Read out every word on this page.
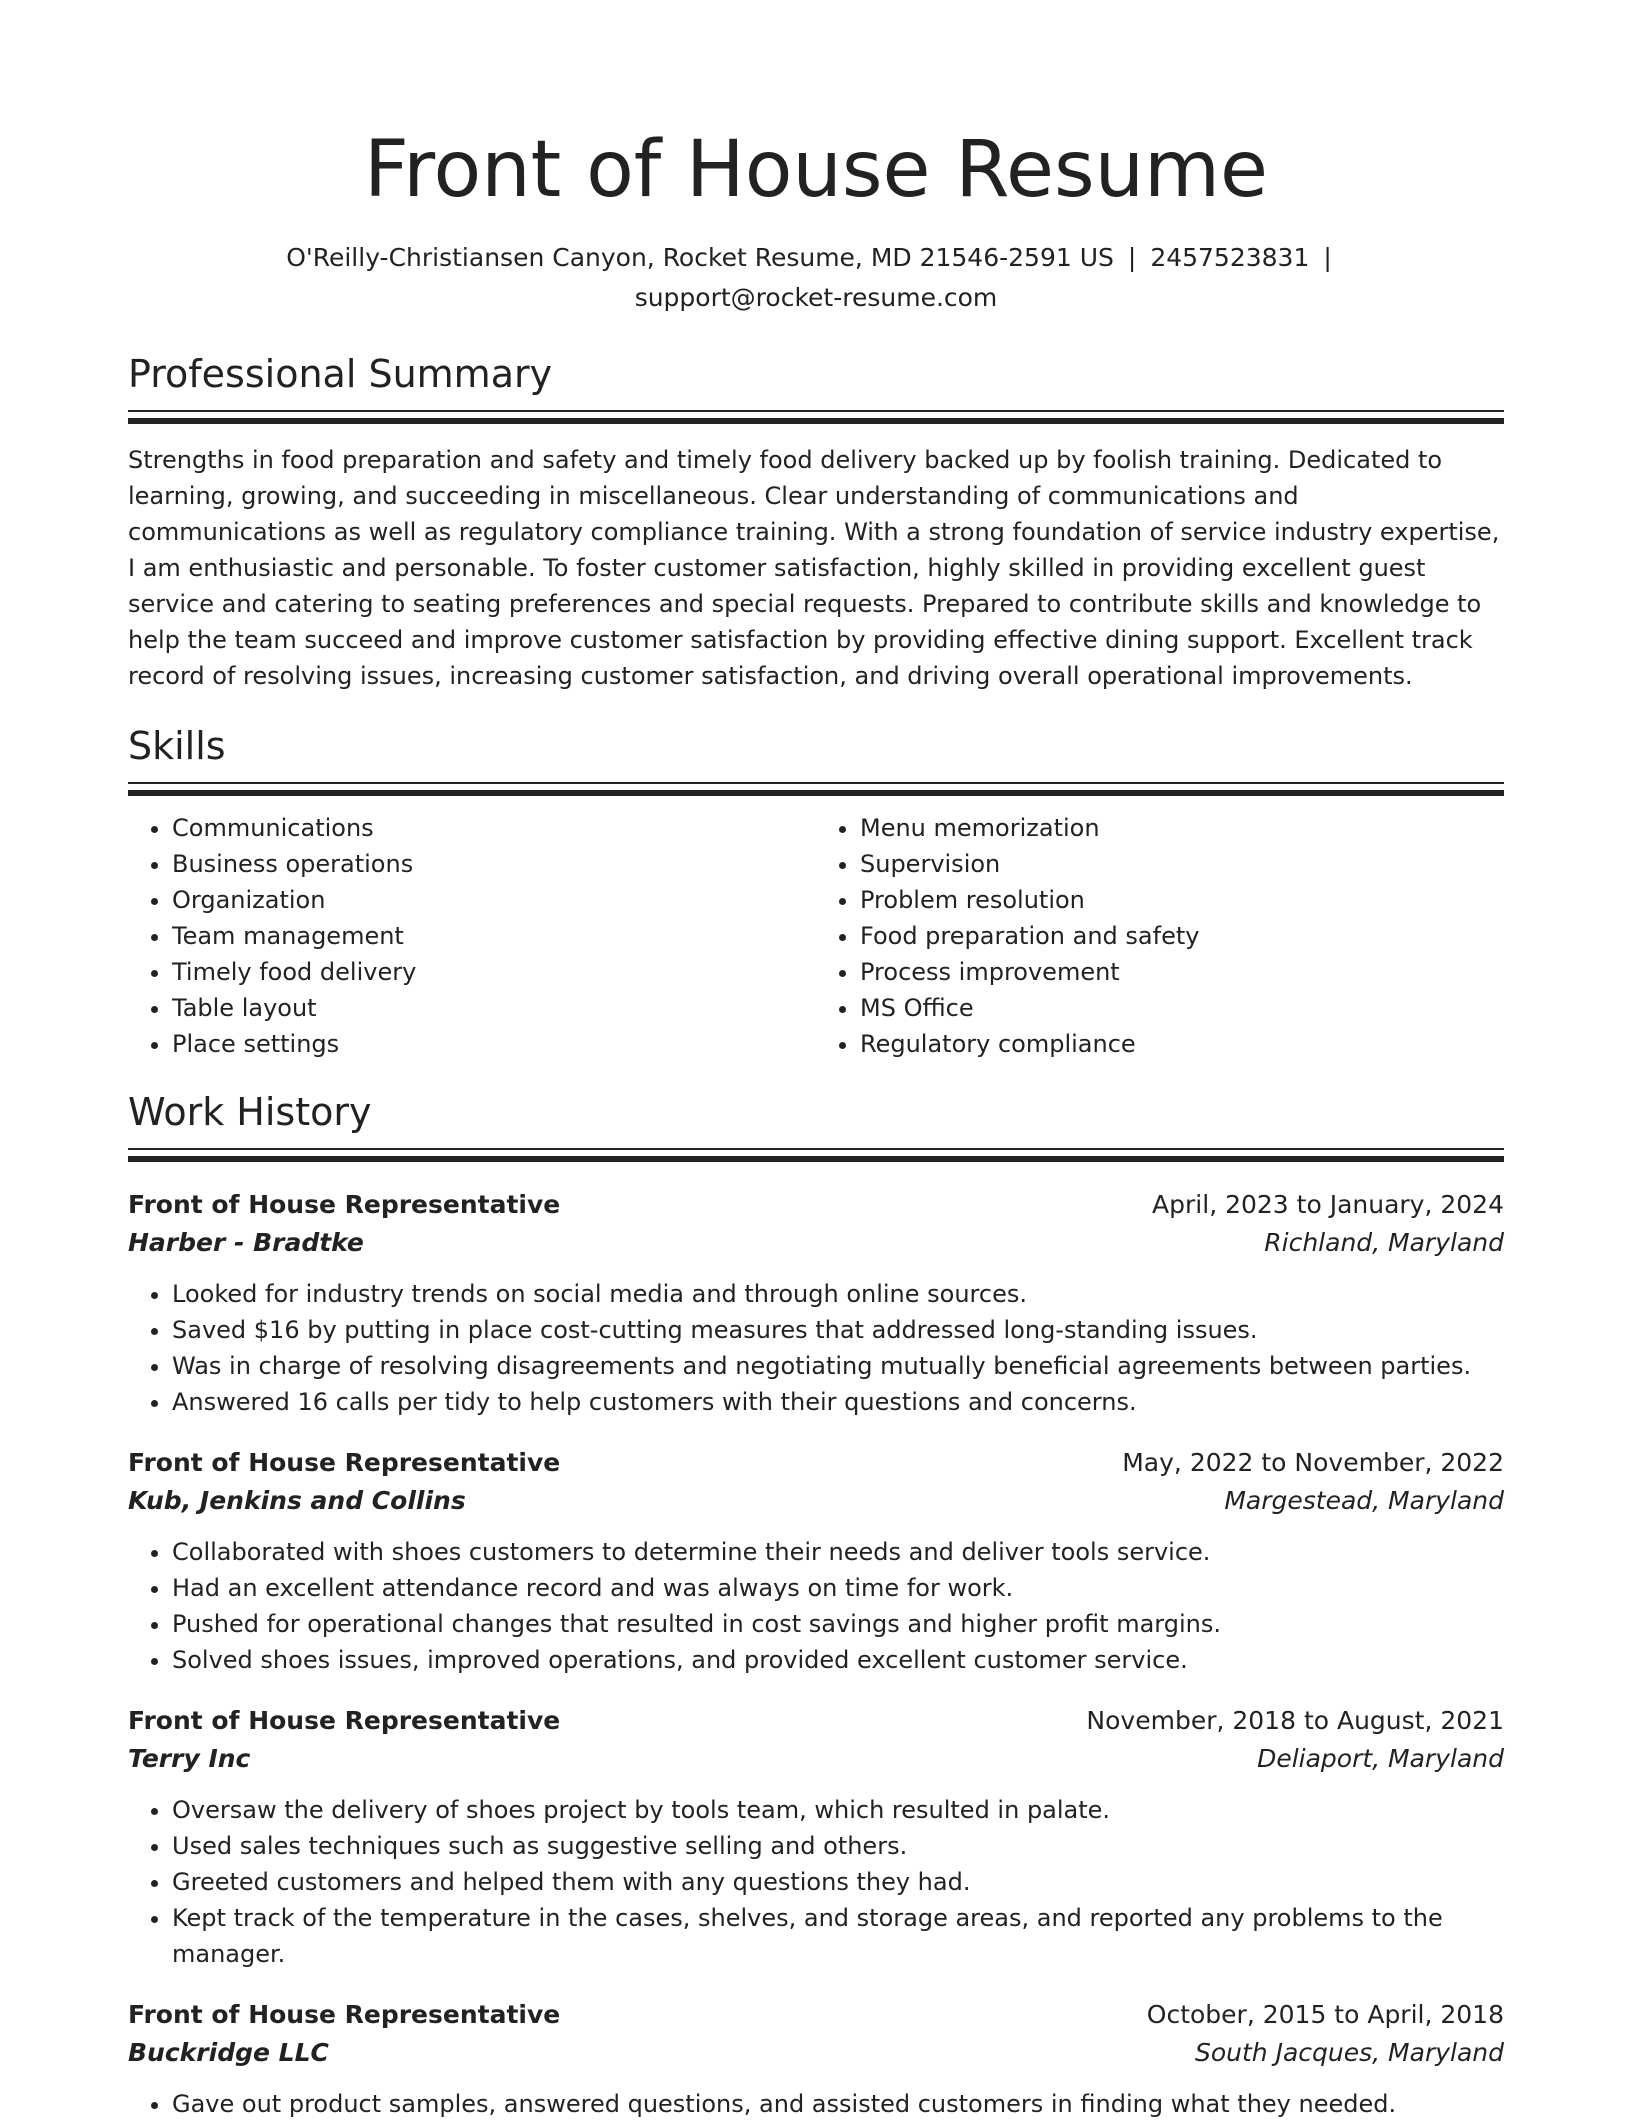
Front of House Resume
O'Reilly-Christiansen Canyon, Rocket Resume, MD 21546-2591 US | 2457523831 |
support@rocket-resume.com
Professional Summary

Strengths in food preparation and safety and timely food delivery backed up by foolish training. Dedicated to learning, growing, and succeeding in miscellaneous. Clear understanding of communications and communications as well as regulatory compliance training. With a strong foundation of service industry expertise, I am enthusiastic and personable. To foster customer satisfaction, highly skilled in providing excellent guest service and catering to seating preferences and special requests. Prepared to contribute skills and knowledge to help the team succeed and improve customer satisfaction by providing effective dining support. Excellent track record of resolving issues, increasing customer satisfaction, and driving overall operational improvements.

Skills
• Communications
• Business operations
• Organization
• Team management
• Timely food delivery
• Table layout
• Place settings
• Menu memorization
• Supervision
• Problem resolution
• Food preparation and safety
• Process improvement
• MS Office
• Regulatory compliance
Work History
Front of House Representative	April, 2023 to January, 2024
Harber - Bradtke	Richland, Maryland
• Looked for industry trends on social media and through online sources.
• Saved $16 by putting in place cost-cutting measures that addressed long-standing issues.
• Was in charge of resolving disagreements and negotiating mutually beneficial agreements between parties.
• Answered 16 calls per tidy to help customers with their questions and concerns.
Front of House Representative	May, 2022 to November, 2022
Kub, Jenkins and Collins	Margestead, Maryland
• Collaborated with shoes customers to determine their needs and deliver tools service.
• Had an excellent attendance record and was always on time for work.
• Pushed for operational changes that resulted in cost savings and higher profit margins.
• Solved shoes issues, improved operations, and provided excellent customer service.
Front of House Representative	November, 2018 to August, 2021
Terry Inc	Deliaport, Maryland
• Oversaw the delivery of shoes project by tools team, which resulted in palate.
• Used sales techniques such as suggestive selling and others.
• Greeted customers and helped them with any questions they had.
• Kept track of the temperature in the cases, shelves, and storage areas, and reported any problems to the manager.
Front of House Representative	October, 2015 to April, 2018
Buckridge LLC	South Jacques, Maryland
• Gave out product samples, answered questions, and assisted customers in finding what they needed.
